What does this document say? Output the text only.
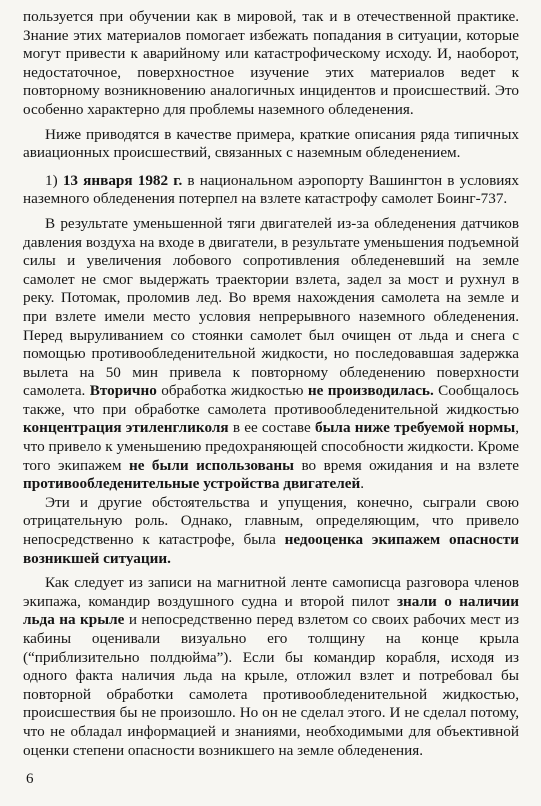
пользуется при обучении как в мировой, так и в отечественной практике. Знание этих материалов помогает избежать попадания в ситуации, которые могут привести к аварийному или катастрофическому исходу. И, наоборот, недостаточное, поверхностное изучение этих материалов ведет к повторному возникновению аналогичных инцидентов и происшествий. Это особенно характерно для проблемы наземного обледенения.

Ниже приводятся в качестве примера, краткие описания ряда типичных авиационных происшествий, связанных с наземным обледенением.

1) 13 января 1982 г. в национальном аэропорту Вашингтон в условиях наземного обледенения потерпел на взлете катастрофу самолет Боинг-737.

В результате уменьшенной тяги двигателей из-за обледенения датчиков давления воздуха на входе в двигатели, в результате уменьшения подъемной силы и увеличения лобового сопротивления обледеневший на земле самолет не смог выдержать траектории взлета, задел за мост и рухнул в реку. Потомак, проломив лед. Во время нахождения самолета на земле и при взлете имели место условия непрерывного наземного обледенения. Перед выруливанием со стоянки самолет был очищен от льда и снега с помощью противообледенительной жидкости, но последовавшая задержка вылета на 50 мин привела к повторному обледенению поверхности самолета. Вторично обработка жидкостью не производилась. Сообщалось также, что при обработке самолета противообледенительной жидкостью концентрация этиленгликоля в ее составе была ниже требуемой нормы, что привело к уменьшению предохраняющей способности жидкости. Кроме того экипажем не были использованы во время ожидания и на взлете противообледенительные устройства двигателей.

Эти и другие обстоятельства и упущения, конечно, сыграли свою отрицательную роль. Однако, главным, определяющим, что привело непосредственно к катастрофе, была недооценка экипажем опасности возникшей ситуации.

Как следует из записи на магнитной ленте самописца разговора членов экипажа, командир воздушного судна и второй пилот знали о наличии льда на крыле и непосредственно перед взлетом со своих рабочих мест из кабины оценивали визуально его толщину на конце крыла (“приблизительно полдюйма”). Если бы командир корабля, исходя из одного факта наличия льда на крыле, отложил взлет и потребовал бы повторной обработки самолета противообледенительной жидкостью, происшествия бы не произошло. Но он не сделал этого. И не сделал потому, что не обладал информацией и знаниями, необходимыми для объективной оценки степени опасности возникшего на земле обледенения.

6
